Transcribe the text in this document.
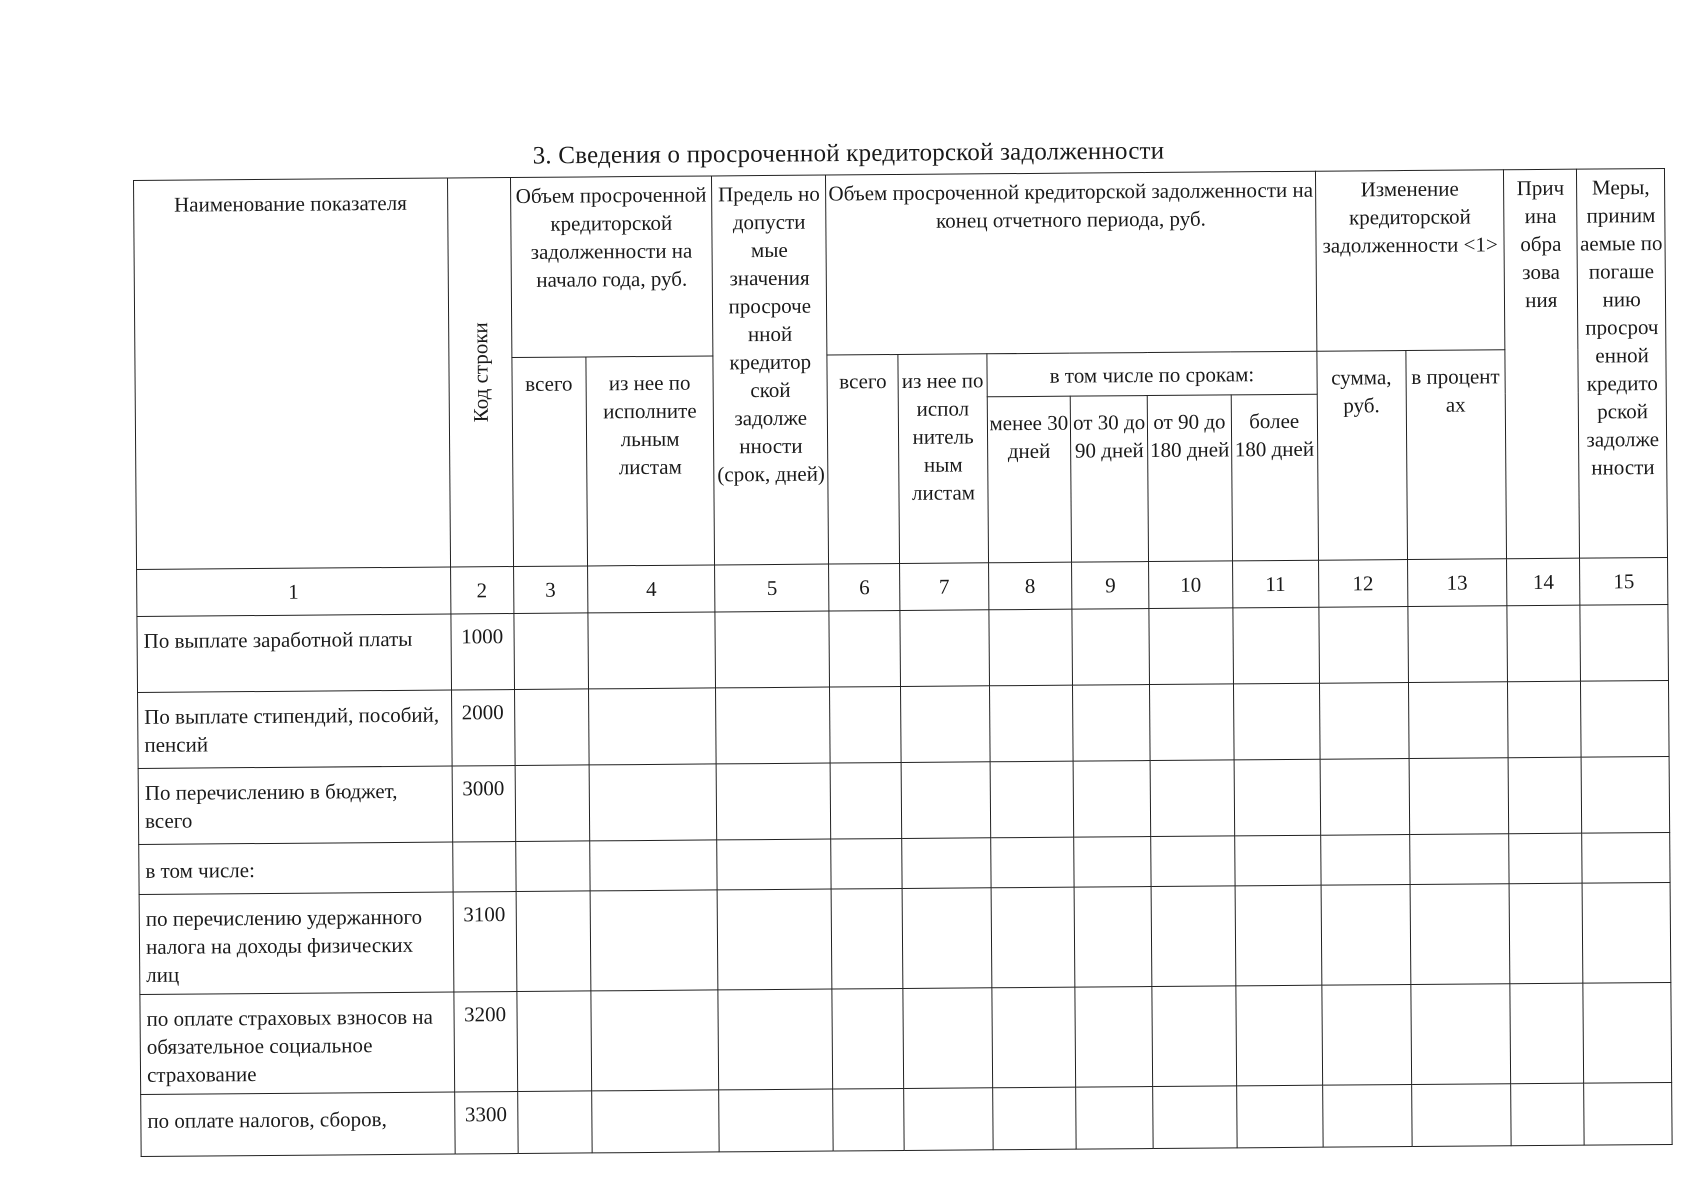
3. Сведения о просроченной кредиторской задолженности
Наименование показателя	Код строки	Объем просроченной кредиторской задолженности на начало года, руб.		Предель но допусти мые значения просроче нной кредитор ской задолже нности (срок, дней)	Объем просроченной кредиторской задолженности на конец отчетного периода, руб.						Изменение кредиторской задолженности <1>		Прич ина обра зова ния	Меры, приним аемые по погаше нию просроч енной кредито рской задолже нности
		всего	из нее по исполните льным листам		всего	из нее по испол нитель ным листам	в том числе по срокам:				сумма, руб.	в процент ах		
							менее 30 дней	от 30 до 90 дней	от 90 до 180 дней	более 180 дней				
1	2	3	4	5	6	7	8	9	10	11	12	13	14	15
По выплате заработной платы	1000													
По выплате стипендий, пособий, пенсий	2000													
По перечислению в бюджет, всего	3000													
в том числе:														
по перечислению удержанного налога на доходы физических лиц	3100													
по оплате страховых взносов на обязательное социальное страхование	3200													
по оплате налогов, сборов,	3300													
